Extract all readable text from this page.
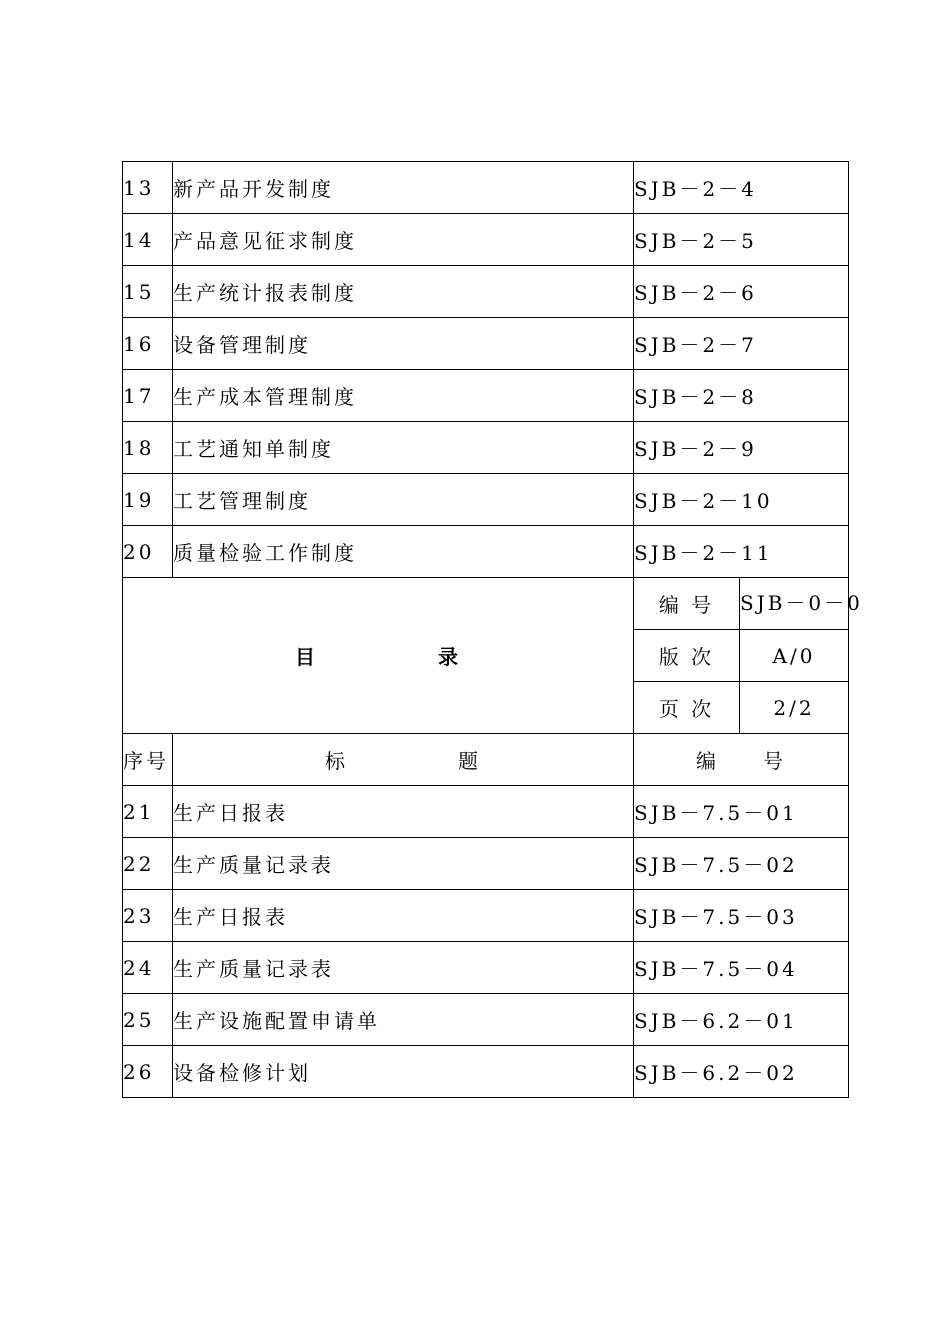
13	新产品开发制度	SJB－2－4	
14	产品意见征求制度	SJB－2－5	
15	生产统计报表制度	SJB－2－6	
16	设备管理制度	SJB－2－7	
17	生产成本管理制度	SJB－2－8	
18	工艺通知单制度	SJB－2－9	
19	工艺管理制度	SJB－2－10	
20	质量检验工作制度	SJB－2－11	
目 录		编 号	SJB－0－0

		版 次	A/0
		页 次	2/2
序号	标 题	编 号	
21	生产日报表	SJB－7.5－01	
22	生产质量记录表	SJB－7.5－02	
23	生产日报表	SJB－7.5－03	
24	生产质量记录表	SJB－7.5－04	
25	生产设施配置申请单	SJB－6.2－01	
26	设备检修计划	SJB－6.2－02	
